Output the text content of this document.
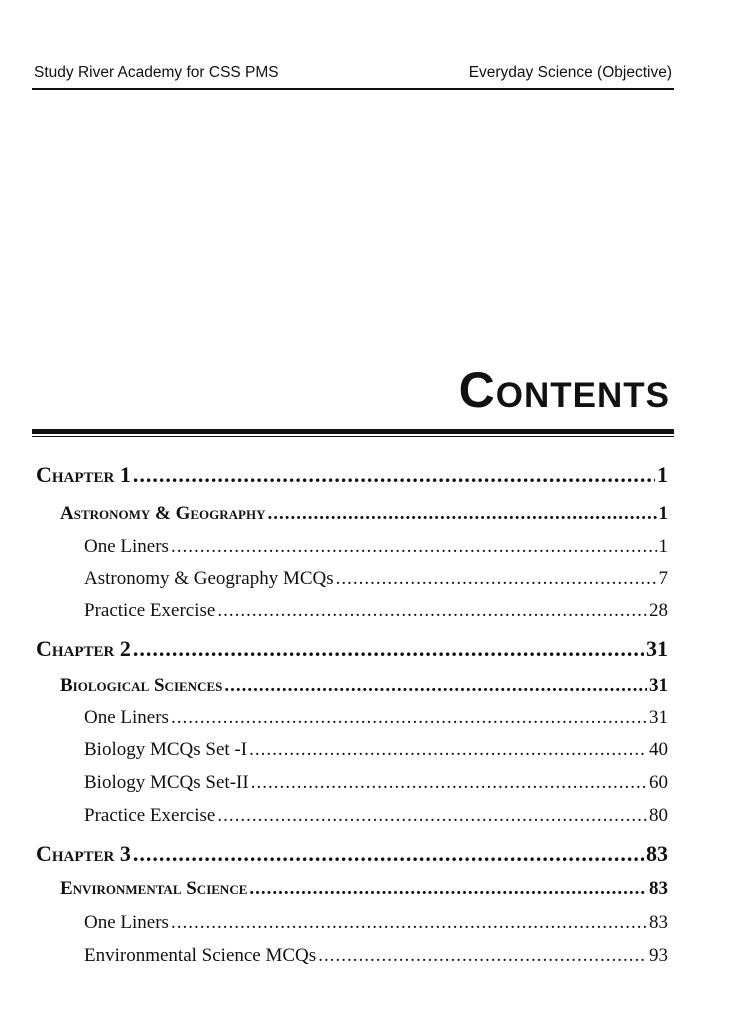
Study River Academy for CSS PMS	Everyday Science (Objective)
Contents
Chapter 1 .....	1
Astronomy & Geography .....	1
One Liners .....	1
Astronomy & Geography MCQs .....	7
Practice Exercise .....	28
Chapter 2 .....	31
Biological Sciences .....	31
One Liners .....	31
Biology MCQs Set -I .....	40
Biology MCQs Set-II .....	60
Practice Exercise .....	80
Chapter 3 .....	83
Environmental Science .....	83
One Liners .....	83
Environmental Science MCQs .....	93
